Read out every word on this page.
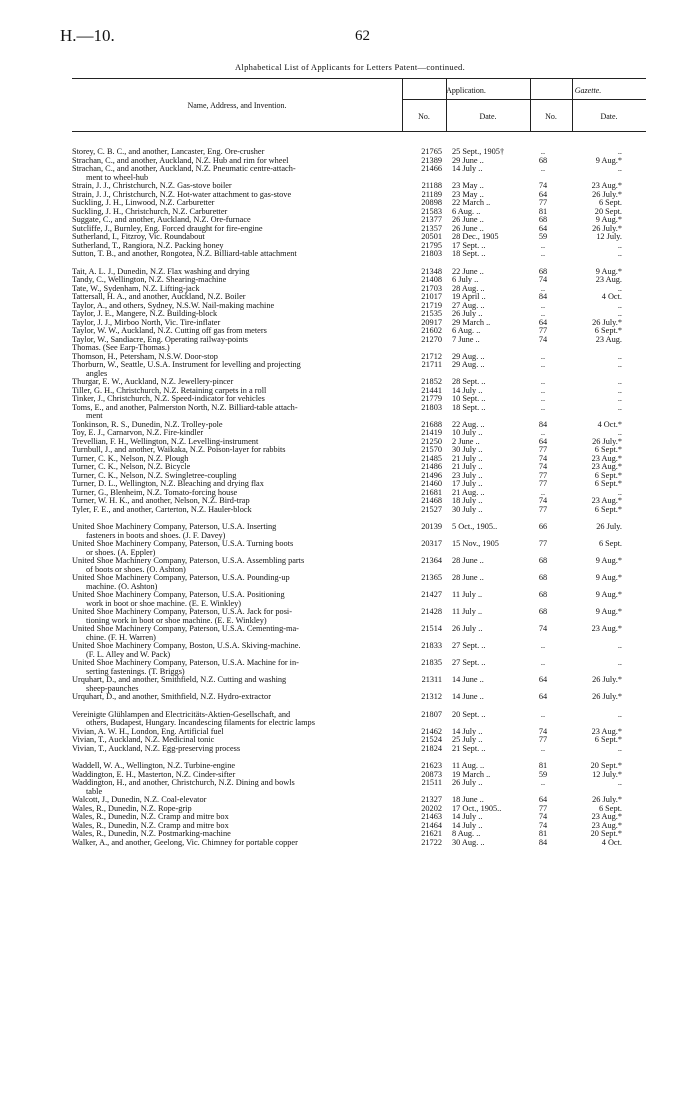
H.—10.	62
Alphabetical List of Applicants for Letters Patent—continued.
Name, Address, and Invention.
Application.	Gazette.
No.	Date.	No.	Date.
Storey, C. B. C., and another, Lancaster, Eng. Ore-crusher	21765	25 Sept., 1905†	..	..
Strachan, C., and another, Auckland, N.Z. Hub and rim for wheel	21389	29 June ..	68	9 Aug.*
Strachan, C., and another, Auckland, N.Z. Pneumatic centre-attach-
ment to wheel-hub
21466	14 July ..	..	..
Strain, J. J., Christchurch, N.Z. Gas-stove boiler	21188	23 May ..	74	23 Aug.*
Strain, J. J., Christchurch, N.Z. Hot-water attachment to gas-stove	21189	23 May ..	64	26 July.*
Suckling, J. H., Linwood, N.Z. Carburetter	20898	22 March ..	77	6 Sept.
Suckling, J. H., Christchurch, N.Z. Carburetter	21583	6 Aug. ..	81	20 Sept.
Suggate, C., and another, Auckland, N.Z. Ore-furnace	21377	26 June ..	68	9 Aug.*
Sutcliffe, J., Burnley, Eng. Forced draught for fire-engine	21357	26 June ..	64	26 July.*
Sutherland, I., Fitzroy, Vic. Roundabout	20501	28 Dec., 1905	59	12 July.
Sutherland, T., Rangiora, N.Z. Packing honey	21795	17 Sept. ..	..	..
Sutton, T. B., and another, Rongotea, N.Z. Billiard-table attachment	21803	18 Sept. ..	..	..
Tait, A. L. J., Dunedin, N.Z. Flax washing and drying	21348	22 June ..	68	9 Aug.*
Tandy, C., Wellington, N.Z. Shearing-machine	21408	6 July ..	74	23 Aug.
Tate, W., Sydenham, N.Z. Lifting-jack	21703	28 Aug. ..	..	..
Tattersall, H. A., and another, Auckland, N.Z. Boiler	21017	19 April ..	84	4 Oct.
Taylor, A., and others, Sydney, N.S.W. Nail-making machine	21719	27 Aug. ..	..	..
Taylor, J. E., Mangere, N.Z. Building-block	21535	26 July ..	..	..
Taylor, J. J., Mirboo North, Vic. Tire-inflater	20917	29 March ..	64	26 July.*
Taylor, W. W., Auckland, N.Z. Cutting off gas from meters	21602	6 Aug. ..	77	6 Sept.*
Taylor, W., Sandiacre, Eng. Operating railway-points	21270	7 June ..	74	23 Aug.
Thomas. (See Earp-Thomas.)
Thomson, H., Petersham, N.S.W. Door-stop	21712	29 Aug. ..	..	..
Thorburn, W., Seattle, U.S.A. Instrument for levelling and projecting
angles
21711	29 Aug. ..	..	..
Thurgar, E. W., Auckland, N.Z. Jewellery-pincer	21852	28 Sept. ..	..	..
Tiller, G. H., Christchurch, N.Z. Retaining carpets in a roll	21441	14 July ..	..	..
Tinker, J., Christchurch, N.Z. Speed-indicator for vehicles	21779	10 Sept. ..	..	..
Toms, E., and another, Palmerston North, N.Z. Billiard-table attach-
ment
21803	18 Sept. ..	..	..
Tonkinson, R. S., Dunedin, N.Z. Trolley-pole	21688	22 Aug. ..	84	4 Oct.*
Toy, E. J., Carnarvon, N.Z. Fire-kindler	21419	10 July ..	..	..
Trevellian, F. H., Wellington, N.Z. Levelling-instrument	21250	2 June ..	64	26 July.*
Turnbull, J., and another, Waikaka, N.Z. Poison-layer for rabbits	21570	30 July ..	77	6 Sept.*
Turner, C. K., Nelson, N.Z. Plough	21485	21 July ..	74	23 Aug.*
Turner, C. K., Nelson, N.Z. Bicycle	21486	21 July ..	74	23 Aug.*
Turner, C. K., Nelson, N.Z. Swingletree-coupling	21496	23 July ..	77	6 Sept.*
Turner, D. L., Wellington, N.Z. Bleaching and drying flax	21460	17 July ..	77	6 Sept.*
Turner, G., Blenheim, N.Z. Tomato-forcing house	21681	21 Aug. ..	..	..
Turner, W. H. K., and another, Nelson, N.Z. Bird-trap	21468	18 July ..	74	23 Aug.*
Tyler, F. E., and another, Carterton, N.Z. Hauler-block	21527	30 July ..	77	6 Sept.*
United Shoe Machinery Company, Paterson, U.S.A. Inserting
fasteners in boots and shoes. (J. F. Davey)
20139	5 Oct., 1905..	66	26 July.
United Shoe Machinery Company, Paterson, U.S.A. Turning boots
or shoes. (A. Eppler)
20317	15 Nov., 1905	77	6 Sept.
United Shoe Machinery Company, Paterson, U.S.A. Assembling parts
of boots or shoes. (O. Ashton)
21364	28 June ..	68	9 Aug.*
United Shoe Machinery Company, Paterson, U.S.A. Pounding-up
machine. (O. Ashton)
21365	28 June ..	68	9 Aug.*
United Shoe Machinery Company, Paterson, U.S.A. Positioning
work in boot or shoe machine. (E. E. Winkley)
21427	11 July ..	68	9 Aug.*
United Shoe Machinery Company, Paterson, U.S.A. Jack for posi-
tioning work in boot or shoe machine. (E. E. Winkley)
21428	11 July ..	68	9 Aug.*
United Shoe Machinery Company, Paterson, U.S.A. Cementing-ma-
chine. (F. H. Warren)
21514	26 July ..	74	23 Aug.*
United Shoe Machinery Company, Boston, U.S.A. Skiving-machine.
(F. L. Alley and W. Pack)
21833	27 Sept. ..	..	..
United Shoe Machinery Company, Paterson, U.S.A. Machine for in-
serting fastenings. (T. Briggs)
21835	27 Sept. ..	..	..
Urquhart, D., and another, Smithfield, N.Z. Cutting and washing
sheep-paunches
21311	14 June ..	64	26 July.*
Urquhart, D., and another, Smithfield, N.Z. Hydro-extractor	21312	14 June ..	64	26 July.*
Vereinigte Glühlampen and Electricitäts-Aktien-Gesellschaft, and
others, Budapest, Hungary. Incandescing filaments for electric lamps
21807	20 Sept. ..	..	..
Vivian, A. W. H., London, Eng. Artificial fuel	21462	14 July ..	74	23 Aug.*
Vivian, T., Auckland, N.Z. Medicinal tonic	21524	25 July ..	77	6 Sept.*
Vivian, T., Auckland, N.Z. Egg-preserving process	21824	21 Sept. ..	..	..
Waddell, W. A., Wellington, N.Z. Turbine-engine	21623	11 Aug. ..	81	20 Sept.*
Waddington, E. H., Masterton, N.Z. Cinder-sifter	20873	19 March ..	59	12 July.*
Waddington, H., and another, Christchurch, N.Z. Dining and bowls
table
21511	26 July ..	..	..
Walcott, J., Dunedin, N.Z. Coal-elevator	21327	18 June ..	64	26 July.*
Wales, R., Dunedin, N.Z. Rope-grip	20202	17 Oct., 1905..	77	6 Sept.
Wales, R., Dunedin, N.Z. Cramp and mitre box	21463	14 July ..	74	23 Aug.*
Wales, R., Dunedin, N.Z. Cramp and mitre box	21464	14 July ..	74	23 Aug.*
Wales, R., Dunedin, N.Z. Postmarking-machine	21621	8 Aug. ..	81	20 Sept.*
Walker, A., and another, Geelong, Vic. Chimney for portable copper	21722	30 Aug. ..	84	4 Oct.
